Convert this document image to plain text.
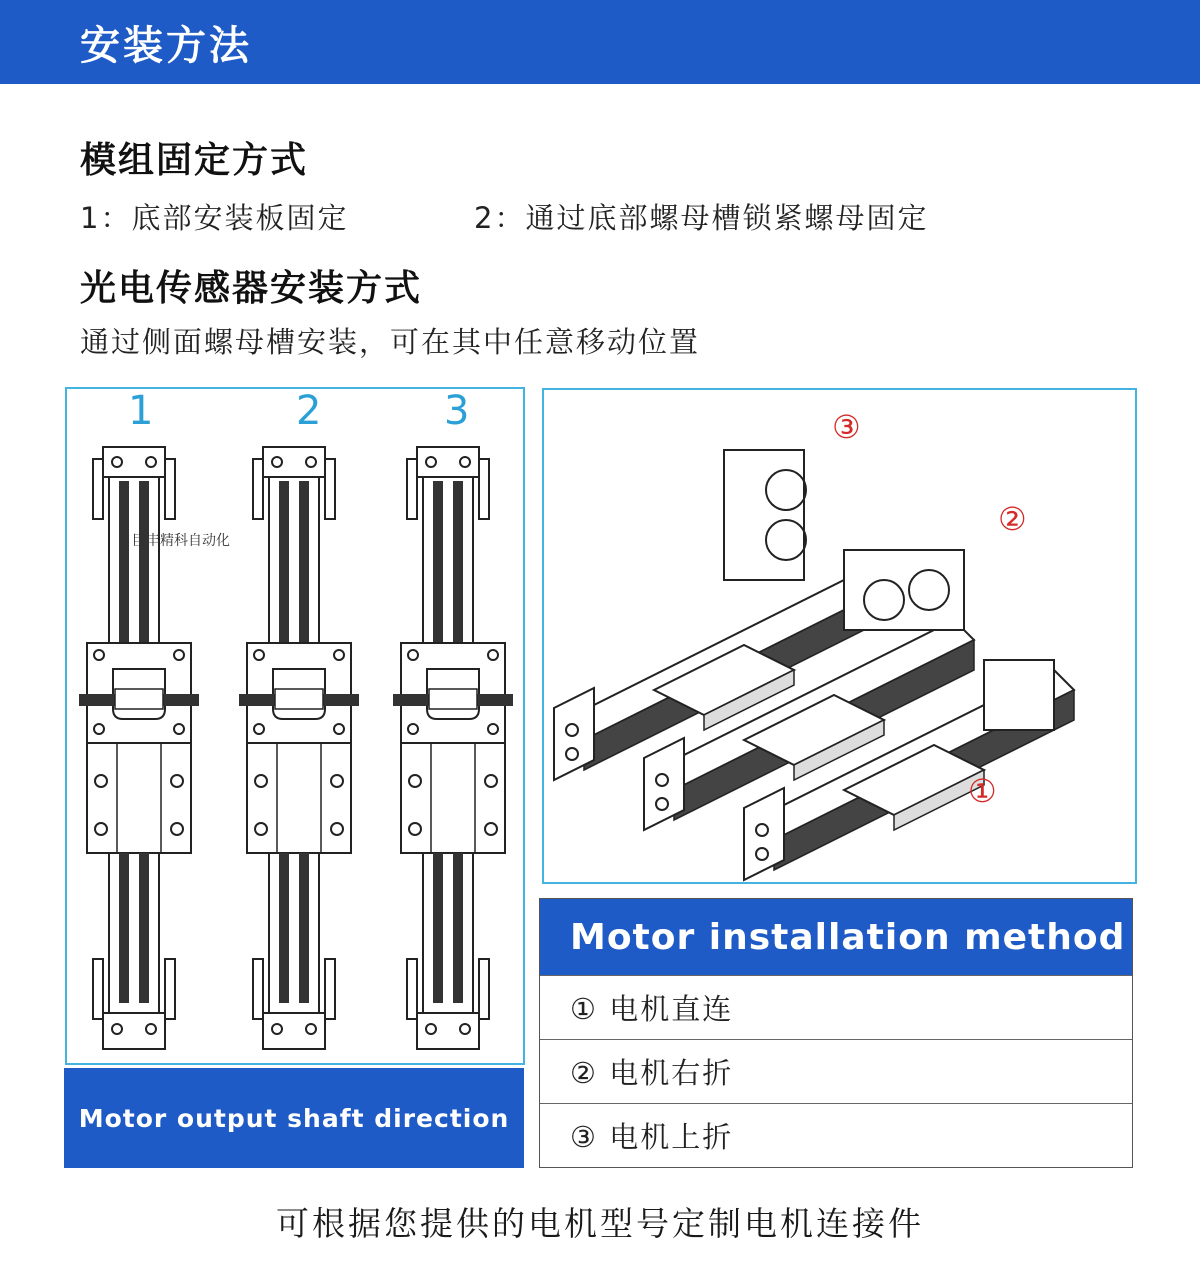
安装方法
模组固定方式
1：底部安装板固定	2：通过底部螺母槽锁紧螺母固定
光电传感器安装方式
通过侧面螺母槽安装，可在其中任意移动位置
1	2	3
巨丰精科自动化
Motor output shaft direction
③
②
①
Motor installation method
① 电机直连
② 电机右折
③ 电机上折
可根据您提供的电机型号定制电机连接件
